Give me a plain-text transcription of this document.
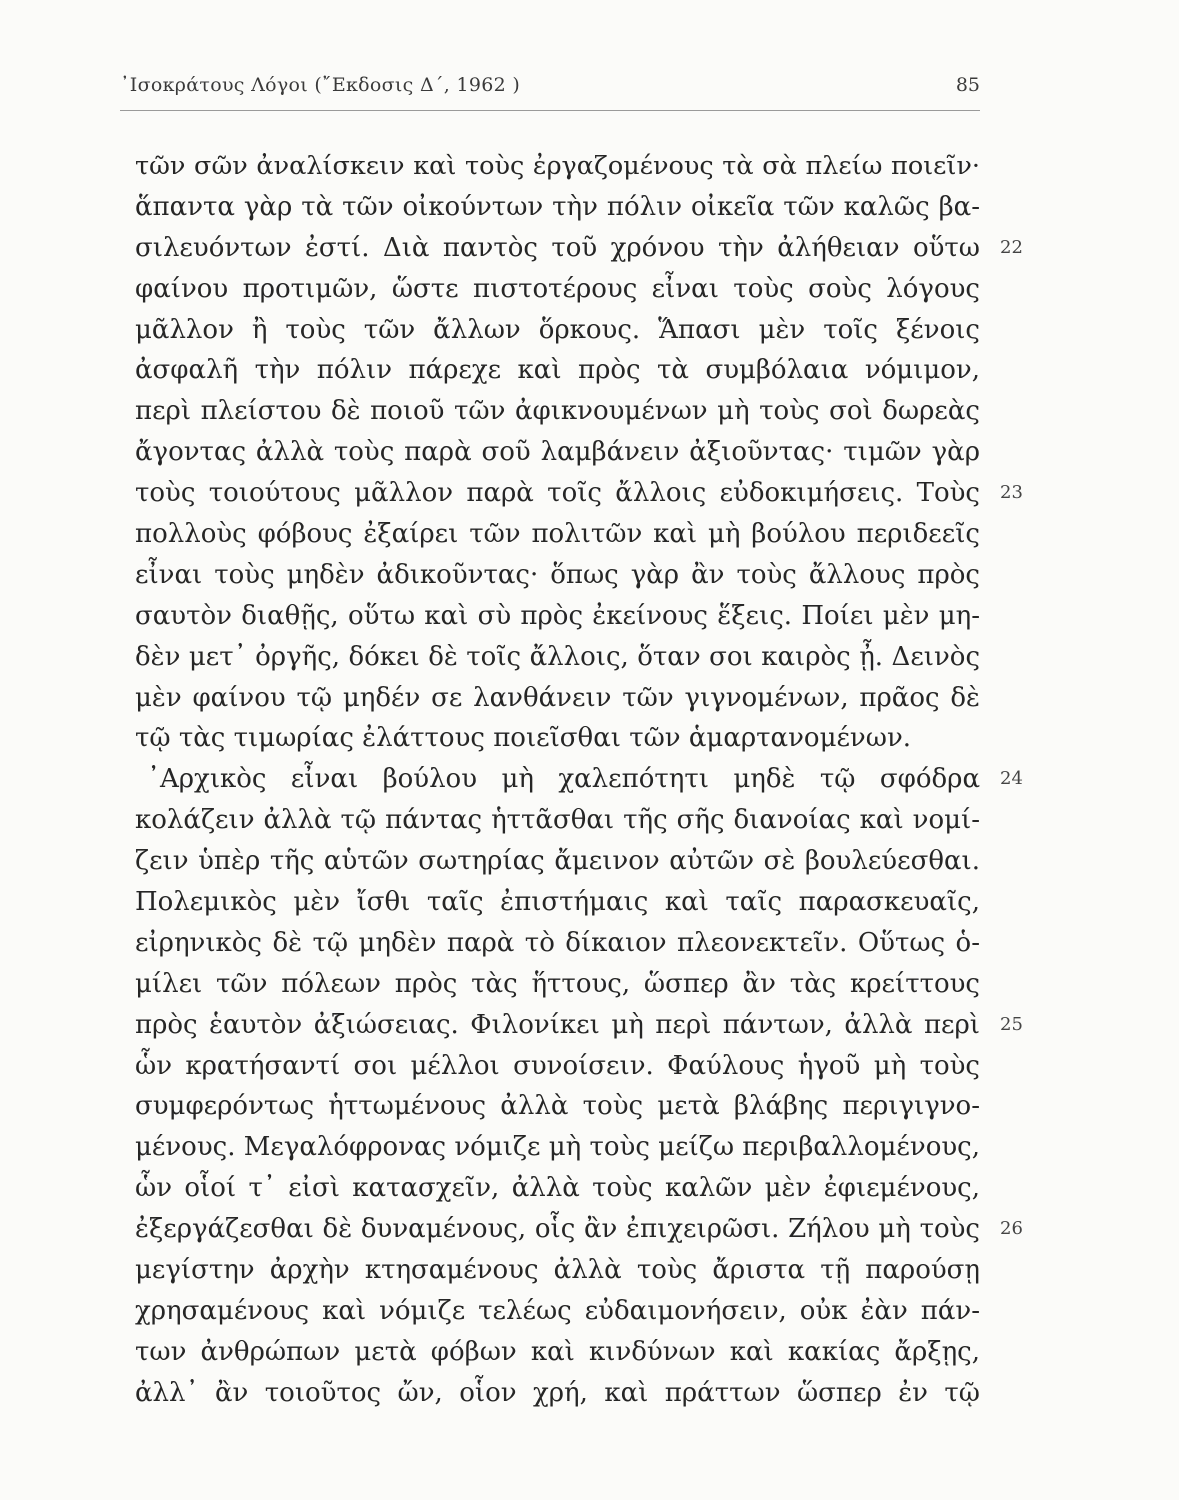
᾽Ισοκράτους Λόγοι (῎Εκδοσις Δ΄, 1962 )	85
τῶν σῶν ἀναλίσκειν καὶ τοὺς ἐργαζομένους τὰ σὰ πλείω ποιεῖν·
ἅπαντα γὰρ τὰ τῶν οἰκούντων τὴν πόλιν οἰκεῖα τῶν καλῶς βα-
σιλευόντων ἐστί. Διὰ παντὸς τοῦ χρόνου τὴν ἀλήθειαν οὕτω 22
φαίνου προτιμῶν, ὥστε πιστοτέρους εἶναι τοὺς σοὺς λόγους
μᾶλλον ἢ τοὺς τῶν ἄλλων ὅρκους. Ἅπασι μὲν τοῖς ξένοις
ἀσφαλῆ τὴν πόλιν πάρεχε καὶ πρὸς τὰ συμβόλαια νόμιμον,
περὶ πλείστου δὲ ποιοῦ τῶν ἀφικνουμένων μὴ τοὺς σοὶ δωρεὰς
ἄγοντας ἀλλὰ τοὺς παρὰ σοῦ λαμβάνειν ἀξιοῦντας· τιμῶν γὰρ
τοὺς τοιούτους μᾶλλον παρὰ τοῖς ἄλλοις εὐδοκιμήσεις. Τοὺς 23
πολλοὺς φόβους ἐξαίρει τῶν πολιτῶν καὶ μὴ βούλου περιδεεῖς
εἶναι τοὺς μηδὲν ἀδικοῦντας· ὅπως γὰρ ἂν τοὺς ἄλλους πρὸς
σαυτὸν διαθῇς, οὕτω καὶ σὺ πρὸς ἐκείνους ἕξεις. Ποίει μὲν μη-
δὲν μετ᾽ ὀργῆς, δόκει δὲ τοῖς ἄλλοις, ὅταν σοι καιρὸς ᾖ. Δεινὸς
μὲν φαίνου τῷ μηδέν σε λανθάνειν τῶν γιγνομένων, πρᾶος δὲ
τῷ τὰς τιμωρίας ἐλάττους ποιεῖσθαι τῶν ἁμαρτανομένων.
᾽Αρχικὸς εἶναι βούλου μὴ χαλεπότητι μηδὲ τῷ σφόδρα 24
κολάζειν ἀλλὰ τῷ πάντας ἡττᾶσθαι τῆς σῆς διανοίας καὶ νομί-
ζειν ὑπὲρ τῆς αὑτῶν σωτηρίας ἄμεινον αὐτῶν σὲ βουλεύεσθαι.
Πολεμικὸς μὲν ἴσθι ταῖς ἐπιστήμαις καὶ ταῖς παρασκευαῖς,
εἰρηνικὸς δὲ τῷ μηδὲν παρὰ τὸ δίκαιον πλεονεκτεῖν. Οὕτως ὁ-
μίλει τῶν πόλεων πρὸς τὰς ἥττους, ὥσπερ ἂν τὰς κρείττους
πρὸς ἑαυτὸν ἀξιώσειας. Φιλονίκει μὴ περὶ πάντων, ἀλλὰ περὶ 25
ὧν κρατήσαντί σοι μέλλοι συνοίσειν. Φαύλους ἡγοῦ μὴ τοὺς
συμφερόντως ἡττωμένους ἀλλὰ τοὺς μετὰ βλάβης περιγιγνο-
μένους. Μεγαλόφρονας νόμιζε μὴ τοὺς μείζω περιβαλλομένους,
ὧν οἷοί τ᾽ εἰσὶ κατασχεῖν, ἀλλὰ τοὺς καλῶν μὲν ἐφιεμένους,
ἐξεργάζεσθαι δὲ δυναμένους, οἷς ἂν ἐπιχειρῶσι. Ζήλου μὴ τοὺς 26
μεγίστην ἀρχὴν κτησαμένους ἀλλὰ τοὺς ἄριστα τῇ παρούσῃ
χρησαμένους καὶ νόμιζε τελέως εὐδαιμονήσειν, οὐκ ἐὰν πάν-
των ἀνθρώπων μετὰ φόβων καὶ κινδύνων καὶ κακίας ἄρξῃς,
ἀλλ᾽ ἂν τοιοῦτος ὤν, οἷον χρή, καὶ πράττων ὥσπερ ἐν τῷ
